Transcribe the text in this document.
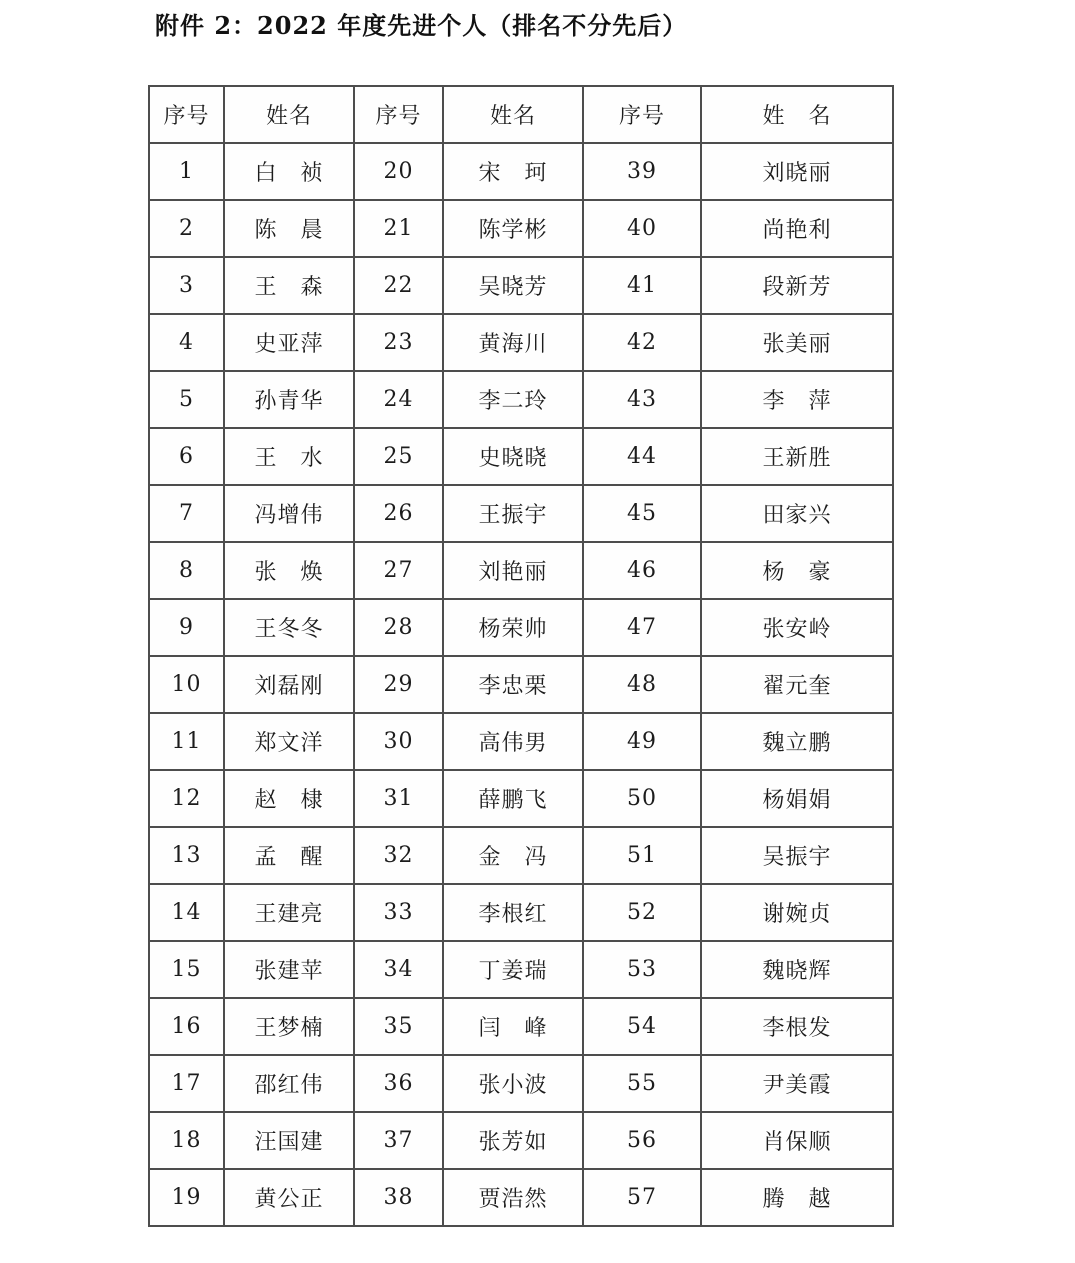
附件 2：2022 年度先进个人（排名不分先后）
序号	姓名	序号	姓名	序号	姓　名
1	白　祯	20	宋　珂	39	刘晓丽
2	陈　晨	21	陈学彬	40	尚艳利
3	王　森	22	吴晓芳	41	段新芳
4	史亚萍	23	黄海川	42	张美丽
5	孙青华	24	李二玲	43	李　萍
6	王　水	25	史晓晓	44	王新胜
7	冯增伟	26	王振宇	45	田家兴
8	张　焕	27	刘艳丽	46	杨　豪
9	王冬冬	28	杨荣帅	47	张安岭
10	刘磊刚	29	李忠栗	48	翟元奎
11	郑文洋	30	高伟男	49	魏立鹏
12	赵　棣	31	薛鹏飞	50	杨娟娟
13	孟　醒	32	金　冯	51	吴振宇
14	王建亮	33	李根红	52	谢婉贞
15	张建苹	34	丁姜瑞	53	魏晓辉
16	王梦楠	35	闫　峰	54	李根发
17	邵红伟	36	张小波	55	尹美霞
18	汪国建	37	张芳如	56	肖保顺
19	黄公正	38	贾浩然	57	腾　越
